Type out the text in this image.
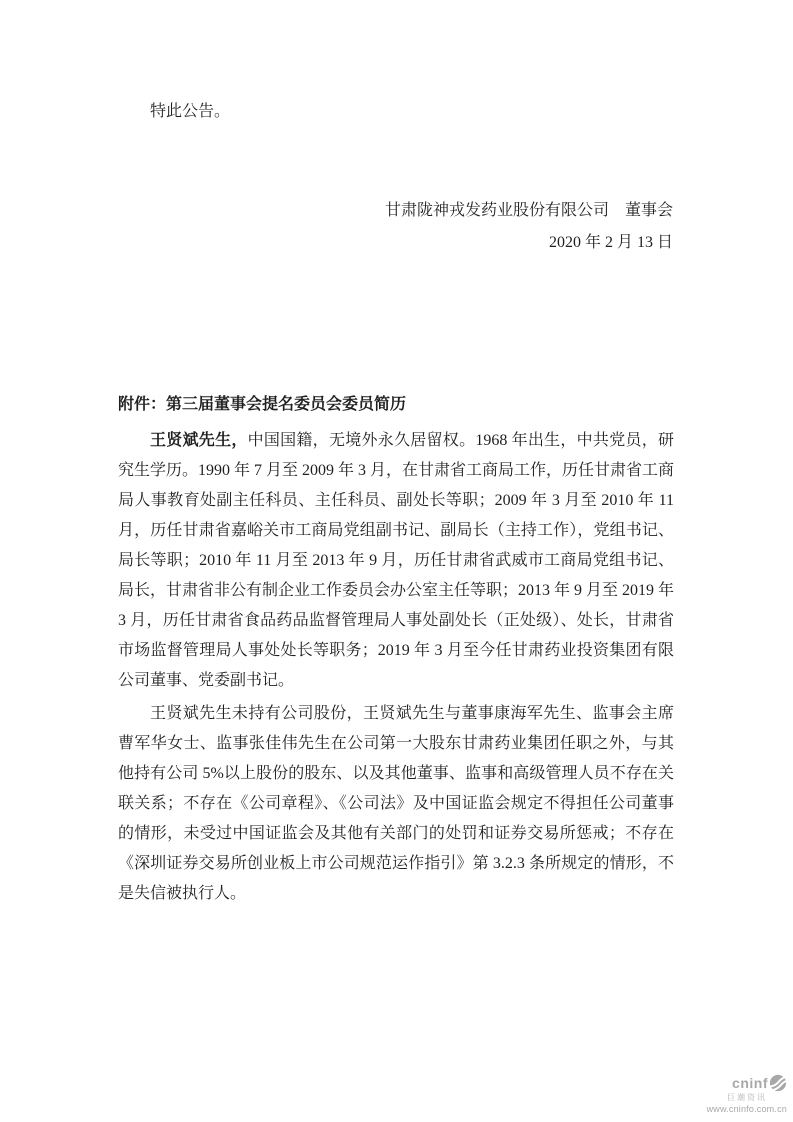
特此公告。
甘肃陇神戎发药业股份有限公司　董事会
2020 年 2 月 13 日
附件：第三届董事会提名委员会委员简历

王贤斌先生，中国国籍，无境外永久居留权。1968 年出生，中共党员，研究生学历。1990 年 7 月至 2009 年 3 月，在甘肃省工商局工作，历任甘肃省工商局人事教育处副主任科员、主任科员、副处长等职；2009 年 3 月至 2010 年 11 月，历任甘肃省嘉峪关市工商局党组副书记、副局长（主持工作），党组书记、局长等职；2010 年 11 月至 2013 年 9 月，历任甘肃省武威市工商局党组书记、局长，甘肃省非公有制企业工作委员会办公室主任等职；2013 年 9 月至 2019 年 3 月，历任甘肃省食品药品监督管理局人事处副处长（正处级）、处长，甘肃省市场监督管理局人事处处长等职务；2019 年 3 月至今任甘肃药业投资集团有限公司董事、党委副书记。

王贤斌先生未持有公司股份，王贤斌先生与董事康海军先生、监事会主席曹军华女士、监事张佳伟先生在公司第一大股东甘肃药业集团任职之外，与其他持有公司 5%以上股份的股东、以及其他董事、监事和高级管理人员不存在关联关系；不存在《公司章程》、《公司法》及中国证监会规定不得担任公司董事的情形，未受过中国证监会及其他有关部门的处罚和证券交易所惩戒；不存在《深圳证券交易所创业板上市公司规范运作指引》第 3.2.3 条所规定的情形，不是失信被执行人。

cninf
巨潮资讯
www.cninfo.com.cn
